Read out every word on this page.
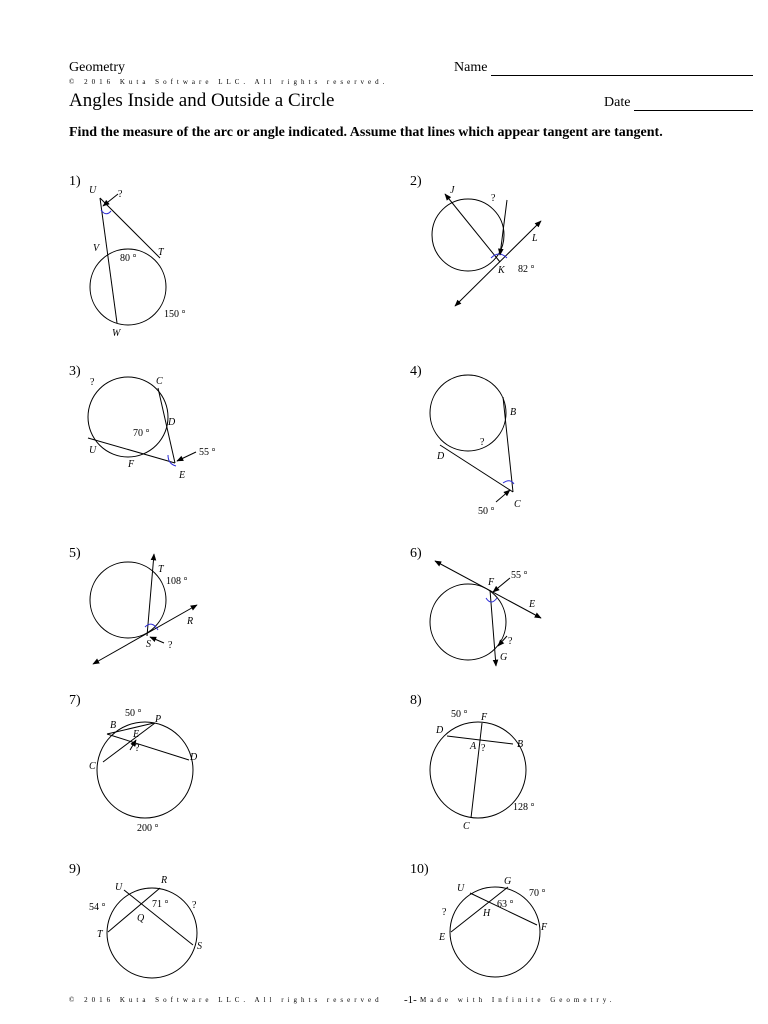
Geometry
© 2016 Kuta Software LLC. All rights reserved.
Name
Angles Inside and Outside a Circle	Date
Find the measure of the arc or angle indicated. Assume that lines which appear tangent are tangent.
1)	2)
3)	4)
5)	6)
7)	8)
9)	10)
U ?
V	T
80 °
150 °
W
J
?
L
K 82 °
?	C
D
70 °
55 °
U
F
E
B
?
D
C
50 °
T
108 °
R
S ?
F
55 °
E
?
G
50 °
P
B
E
?
C
D
200 °
50 ° F
D
A ?	B
128 °
C
U
R
54 °	71 ° ?
Q
T
S
U
G
70 °
63 °
?	H
E
F
© 2016 Kuta Software LLC. All rights reserved -1- Made with Infinite Geometry.
